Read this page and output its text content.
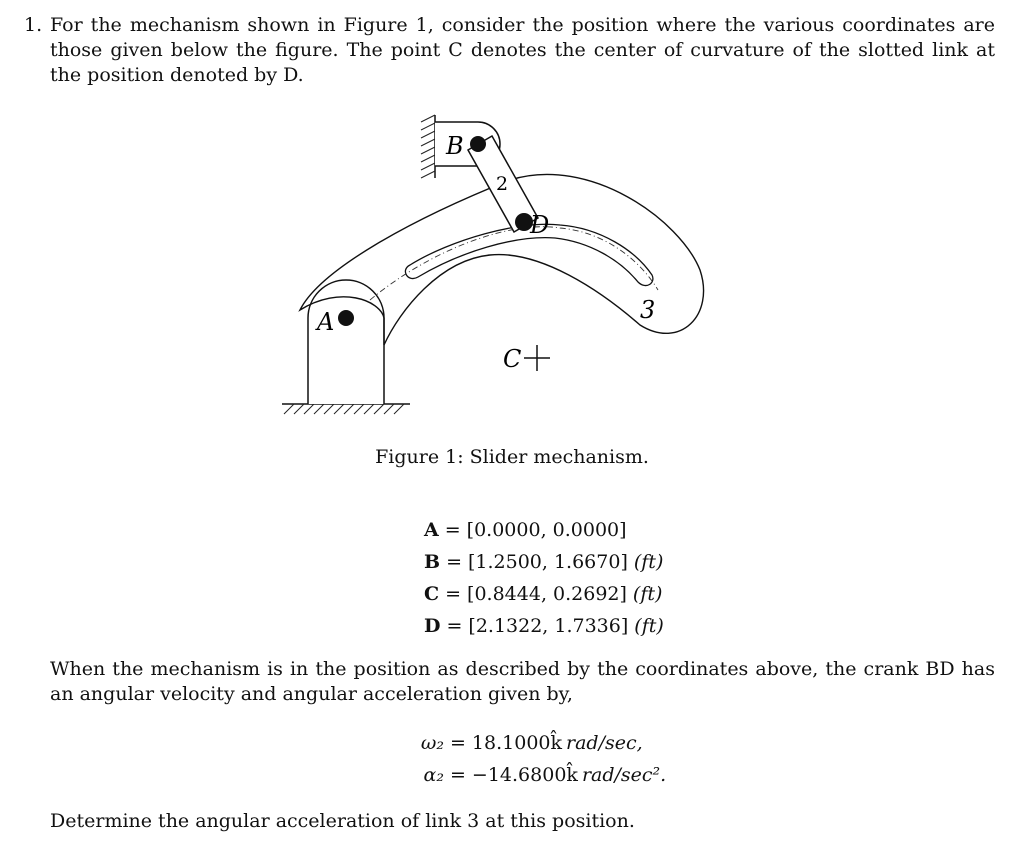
1. For the mechanism shown in Figure 1, consider the position where the various coordinates are those given below the figure. The point C denotes the center of curvature of the slotted link at the position denoted by D.

B
D
A
2
3
C
Figure 1: Slider mechanism.
A = [0.0000, 0.0000]
B = [1.2500, 1.6670] (ft)
C = [0.8444, 0.2692] (ft)
D = [2.1322, 1.7336] (ft)

When the mechanism is in the position as described by the coordinates above, the crank BD has an angular velocity and angular acceleration given by,

ω₂ = 18.1000k̂ rad/sec,
α₂ = −14.6800k̂ rad/sec².

Determine the angular acceleration of link 3 at this position.
